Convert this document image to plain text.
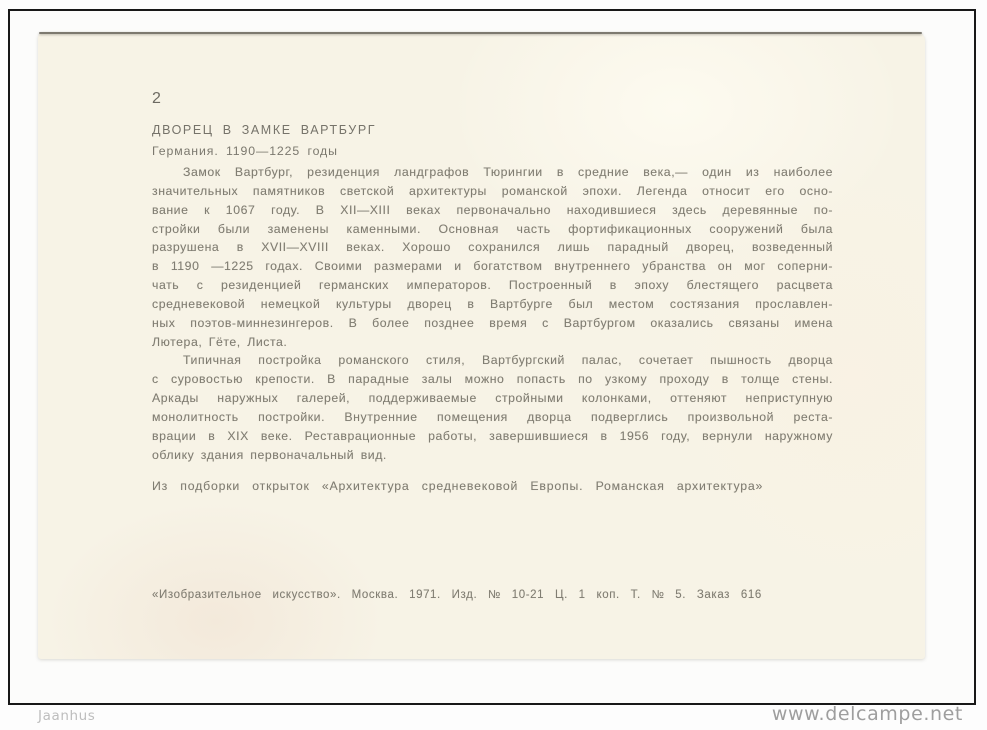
2
ДВОРЕЦ В ЗАМКЕ ВАРТБУРГ
Германия. 1190—1225 годы
Замок Вартбург, резиденция ландграфов Тюрингии в средние века,— один из наиболее
значительных памятников светской архитектуры романской эпохи. Легенда относит его осно-
вание к 1067 году. В XII—XIII веках первоначально находившиеся здесь деревянные по-
стройки были заменены каменными. Основная часть фортификационных сооружений была
разрушена в XVII—XVIII веках. Хорошо сохранился лишь парадный дворец, возведенный
в 1190 —1225 годах. Своими размерами и богатством внутреннего убранства он мог соперни-
чать с резиденцией германских императоров. Построенный в эпоху блестящего расцвета
средневековой немецкой культуры дворец в Вартбурге был местом состязания прославлен-
ных поэтов-миннезингеров. В более позднее время с Вартбургом оказались связаны имена
Лютера, Гёте, Листа.
Типичная постройка романского стиля, Вартбургский палас, сочетает пышность дворца
с суровостью крепости. В парадные залы можно попасть по узкому проходу в толще стены.
Аркады наружных галерей, поддерживаемые стройными колонками, оттеняют неприступную
монолитность постройки. Внутренние помещения дворца подверглись произвольной реста-
врации в XIX веке. Реставрационные работы, завершившиеся в 1956 году, вернули наружному
облику здания первоначальный вид.
Из подборки открыток «Архитектура средневековой Европы. Романская архитектура»
«Изобразительное искусство». Москва. 1971. Изд. № 10-21 Ц. 1 коп. Т. № 5. Заказ 616
Jaanhus	www.delcampe.net
